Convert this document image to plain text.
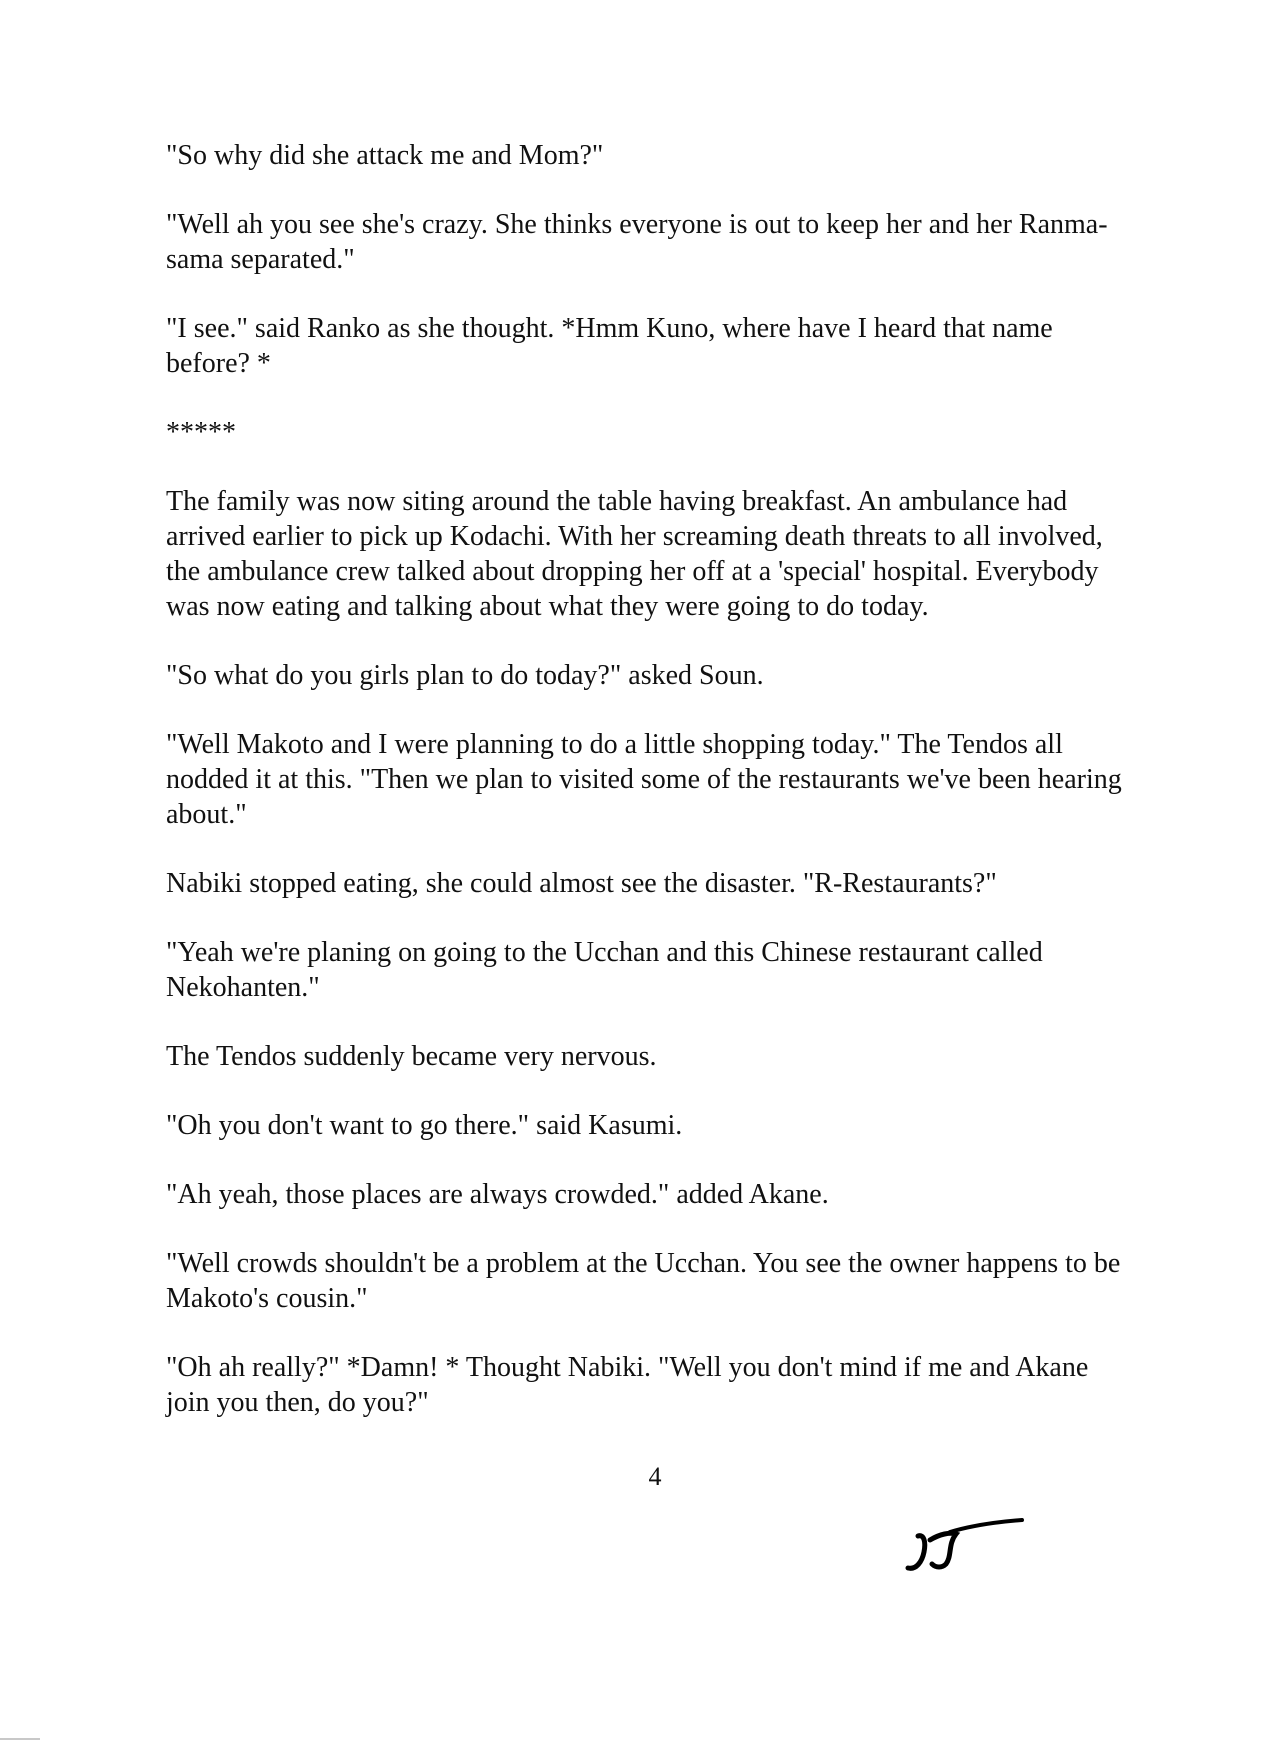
"So why did she attack me and Mom?"

"Well ah you see she's crazy. She thinks everyone is out to keep her and her Ranma-sama separated."

"I see." said Ranko as she thought. *Hmm Kuno, where have I heard that name before? *

*****

The family was now siting around the table having breakfast. An ambulance had arrived earlier to pick up Kodachi. With her screaming death threats to all involved, the ambulance crew talked about dropping her off at a 'special' hospital. Everybody was now eating and talking about what they were going to do today.

"So what do you girls plan to do today?" asked Soun.

"Well Makoto and I were planning to do a little shopping today." The Tendos all nodded it at this. "Then we plan to visited some of the restaurants we've been hearing about."

Nabiki stopped eating, she could almost see the disaster. "R-Restaurants?"

"Yeah we're planing on going to the Ucchan and this Chinese restaurant called Nekohanten."

The Tendos suddenly became very nervous.

"Oh you don't want to go there." said Kasumi.

"Ah yeah, those places are always crowded." added Akane.

"Well crowds shouldn't be a problem at the Ucchan. You see the owner happens to be Makoto's cousin."

"Oh ah really?" *Damn! * Thought Nabiki. "Well you don't mind if me and Akane join you then, do you?"

4
